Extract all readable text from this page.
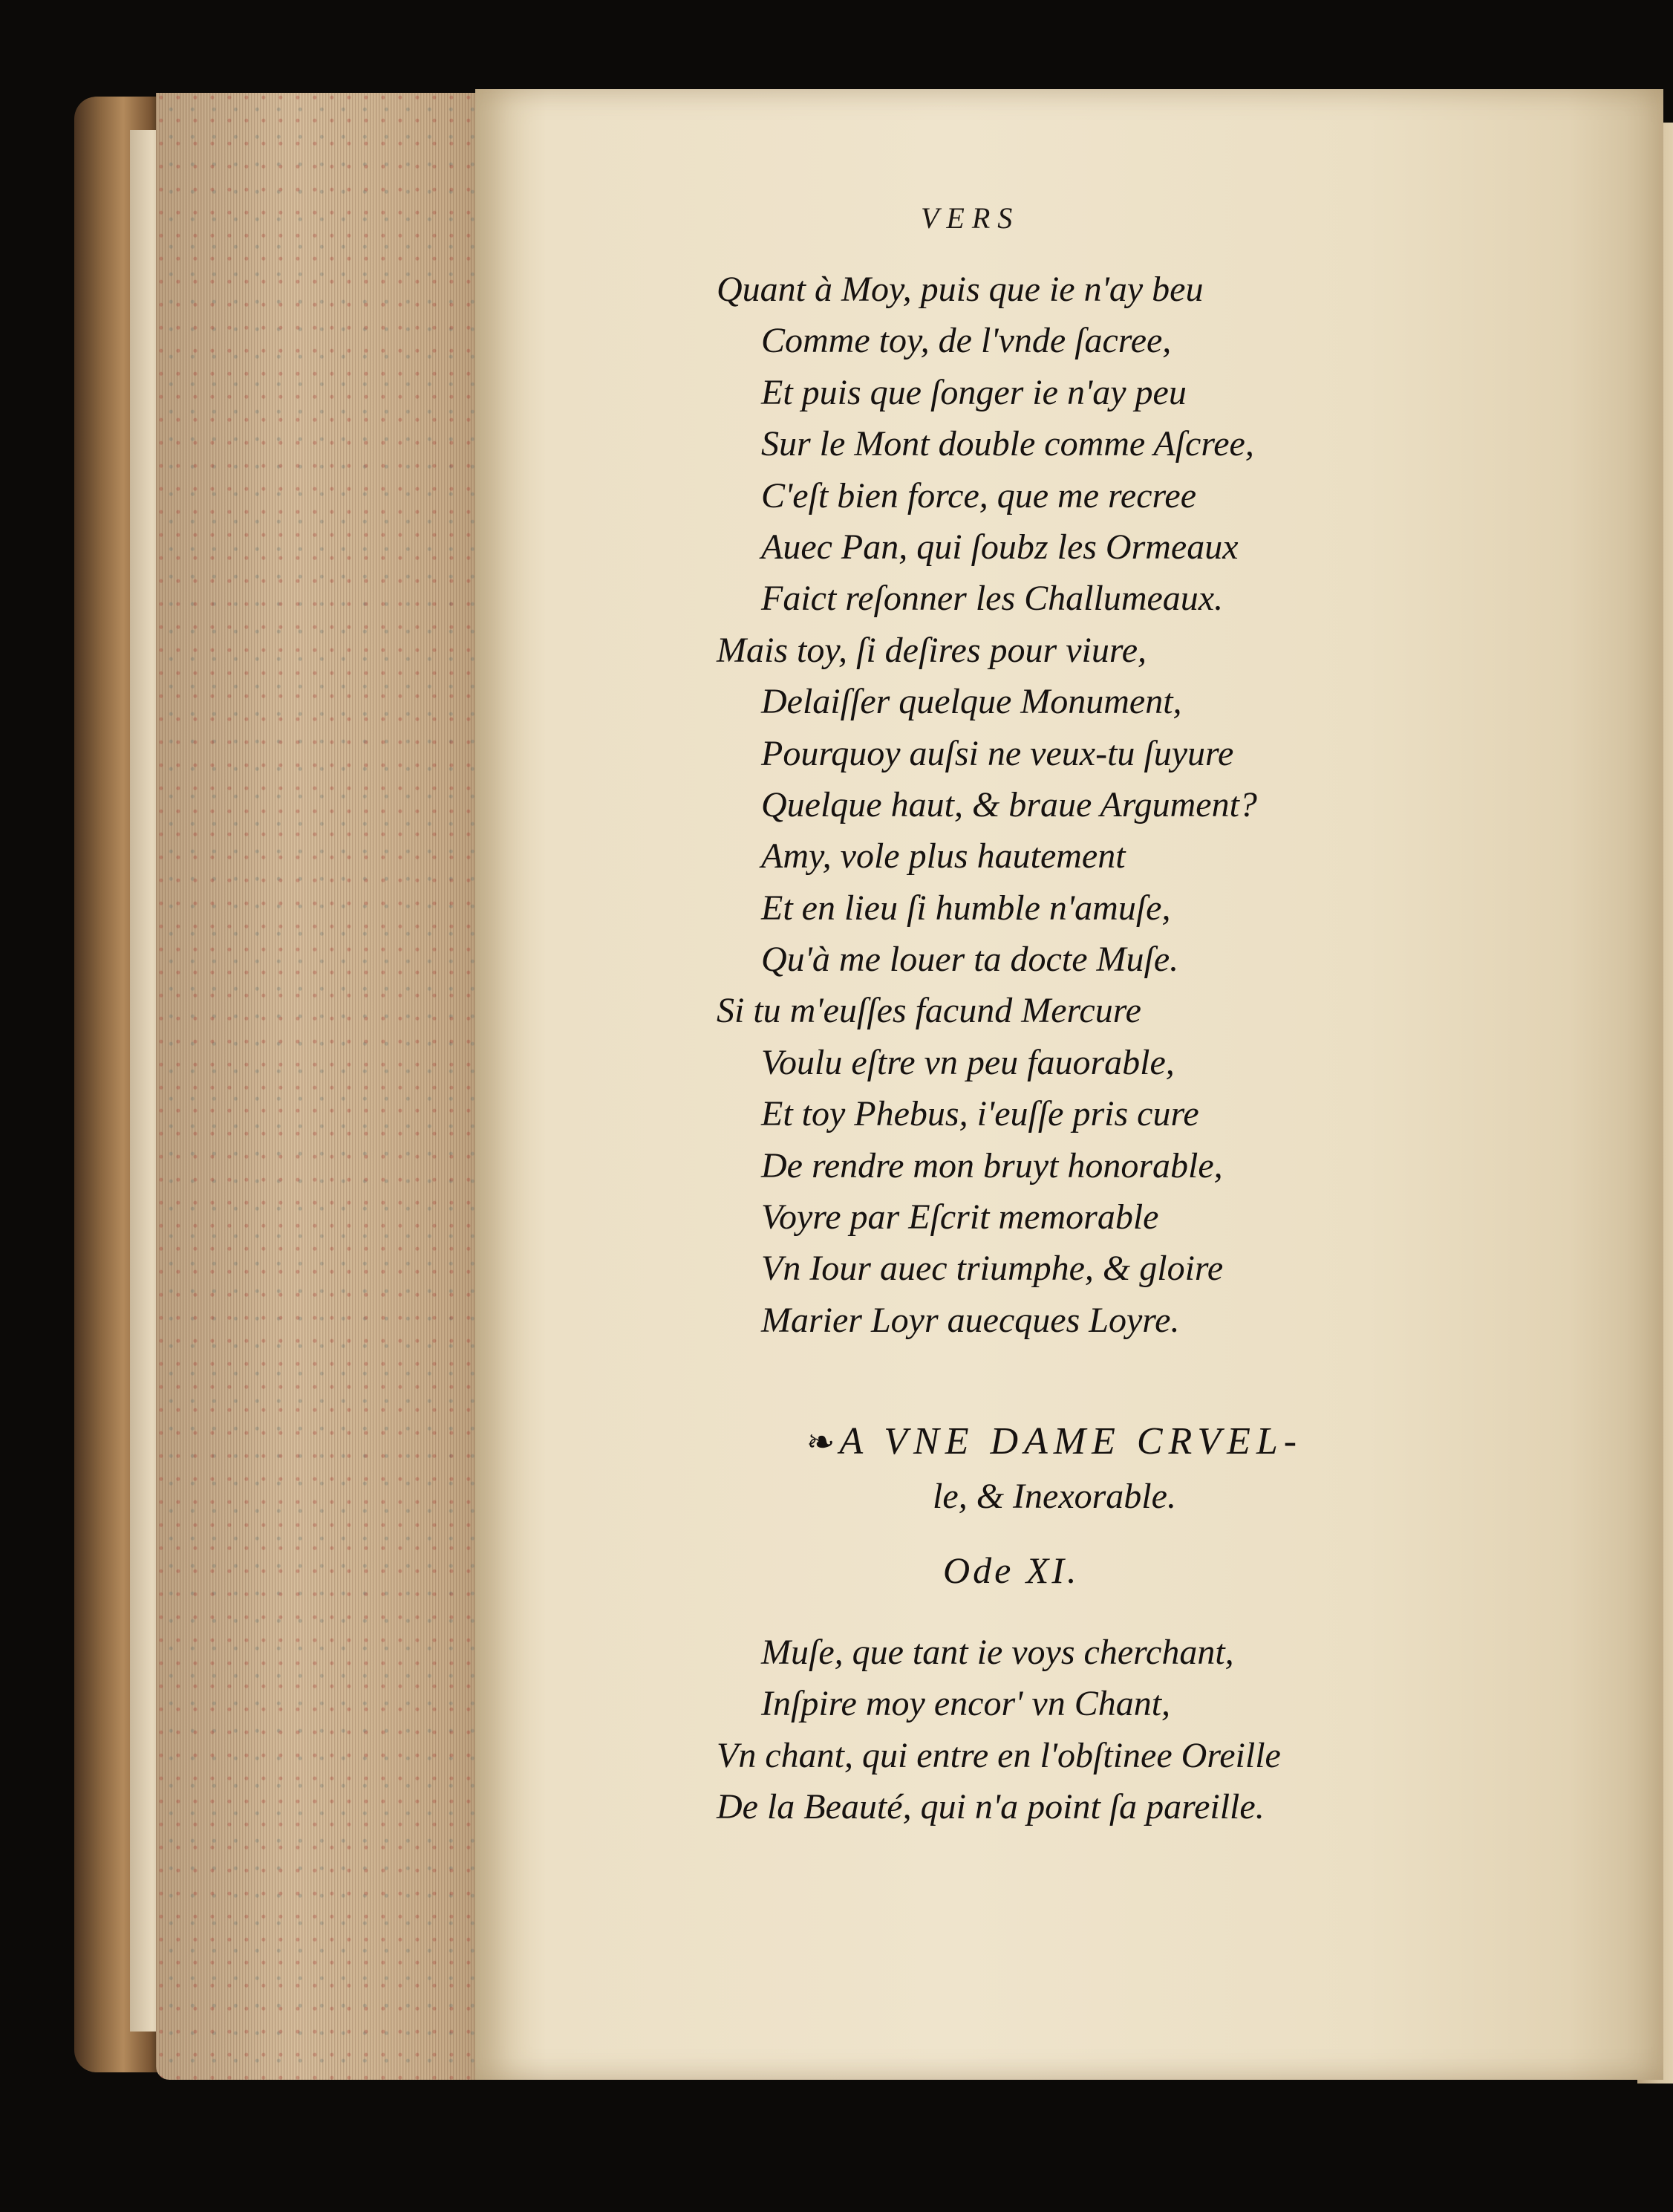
VERS
Quant à Moy, puis que ie n'ay beu
Comme toy, de l'vnde ſacree,
Et puis que ſonger ie n'ay peu
Sur le Mont double comme Aſcree,
C'eſt bien force, que me recree
Auec Pan, qui ſoubz les Ormeaux
Faict reſonner les Challumeaux.
Mais toy, ſi deſires pour viure,
Delaiſſer quelque Monument,
Pourquoy auſsi ne veux-tu ſuyure
Quelque haut, & braue Argument?
Amy, vole plus hautement
Et en lieu ſi humble n'amuſe,
Qu'à me louer ta docte Muſe.
Si tu m'euſſes facund Mercure
Voulu eſtre vn peu fauorable,
Et toy Phebus, i'euſſe pris cure
De rendre mon bruyt honorable,
Voyre par Eſcrit memorable
Vn Iour auec triumphe, & gloire
Marier Loyr auecques Loyre.
❧ A VNE DAME CRVEL-
le, & Inexorable.
Ode XI.
Muſe, que tant ie voys cherchant,
Inſpire moy encor' vn Chant,
Vn chant, qui entre en l'obſtinee Oreille
De la Beauté, qui n'a point ſa pareille.
